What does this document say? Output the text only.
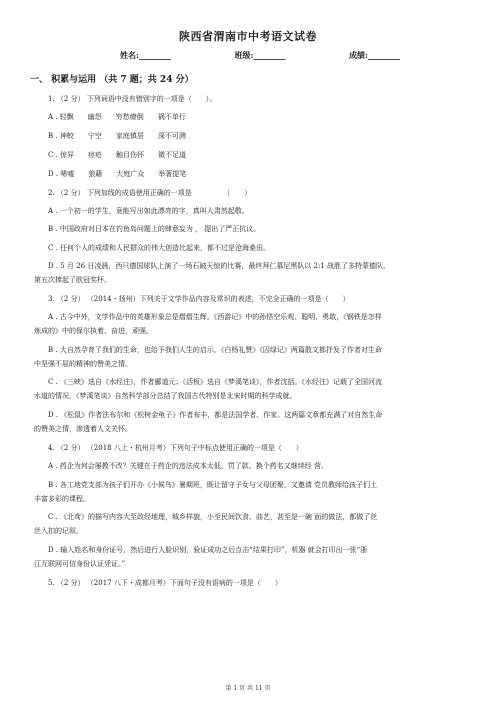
陕西省渭南市中考语文试卷
姓名:________	班级:________	成绩:________
一、 积累与运用 （共 7 题；共 24 分）
1. （2 分） 下列词语中没有错别字的一项是（　　）。
A . 轻飘　　幽怨　　穷愁缭倒　　祸不单行
B . 神蛟　　宁空　　家庭镇居　　深不可测
C . 惊异　　痉疮　　触目伤怀　　微不足道
D . 唏嘘　　狼藉　　大庭广众　　举著提笔
2. （2 分） 下列加线的成语使用正确的一项是　　　　　（　　）
A . 一个初一的学生，竟能写出如此漂亮的字，真叫人肃然起敬。
B . 中国政府对日本在钓鱼岛问题上的肆意妄为 ， 提出了严正抗议。
C . 任何个人的成绩和人民群众的伟大创造比起来，都不过是沧海桑田。
D . 5 月 26 日凌晨，西只德国球队上演了一场石破天惊的比赛，最终拜仁慕尼黑队以 2:1 战胜了多特蒙德队，
第五次捧起了欧冠奖杯。
3. （2 分） （2014・扬州）下列关于文学作品内容及常识的表述，不完全正确的一项是（　　）
A . 古今中外，文学作品中的英雄形象总是熠熠生辉。《西游记》中的孙悟空乐观、聪明、勇敢，《钢铁是怎样
炼成的》中的保尔执着、奋进、顽强。
B . 大自然孕育了我们的生命，也给予我们人生的启示。《白杨礼赞》《囚绿记》两篇散文都抒发了作者对生命
中坚强不屈的精神的赞美之情。
C . 《三峡》选自《水经注》，作者郦道元；《活板》选自《梦溪笔谈》，作者沈括。《水经注》记载了全国河流
水道的情况，《梦溪笔谈》自然科学部分总结了我国古代特别是北宋时期的科学成就。
D . 《松鼠》作者法布尔和《松树金龟子》作者布丰，都是法国学者、作家。这两篇文章都充满了对自然生命
的赞美之情，渗透着人文关怀。
4. （2 分） （2018 八上・杭州月考）下列句子中标点使用正确的一项是（　　）
A . 药企为何会屡教不改？关键在于药企的违法成本太低，罚了款、换个药名又继续经 营。
B . 各工地党支部为孩子们开办《小候鸟》暑期班，既让留守子女与父母团聚，又邀请 党员教师给孩子们上
丰富多彩的课程。
C . 《北鸢》的描写内容大至政经地理，城乡样貌，小至民间饮食、曲艺，甚至是一碗 面的做法，都做了丝
丝入扣的记叙。
D . 输入姓名和身份证号，然后进行人脸识别，验证成功之后点击“结果打印”，机器 就会打印出一张“浙
江互联网可信身份认证凭证。”
5. （2 分） （2017 八下・成都月考）下面句子没有语病的一项是（　　）
第 1 页 共 11 页
